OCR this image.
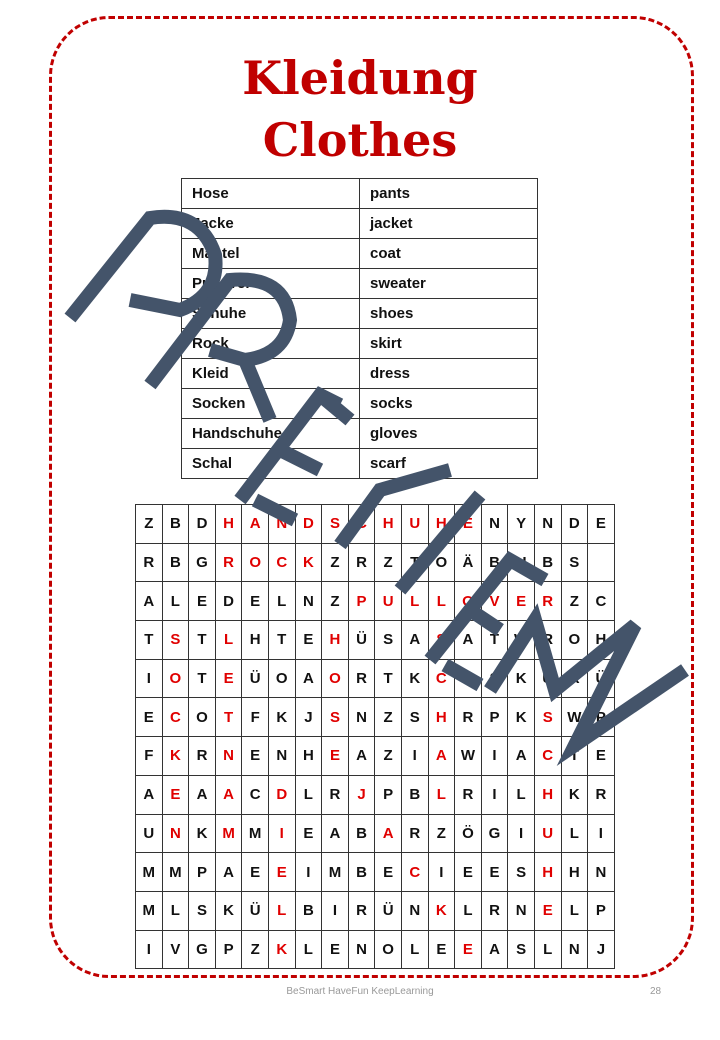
Kleidung
Clothes
Hose	pants
Jacke	jacket
Mantel	coat
Pullover	sweater
Schuhe	shoes
Rock	skirt
Kleid	dress
Socken	socks
Handschuhe	gloves
Schal	scarf
Z	B	D	H	A	N	D	S	C	H	U	H	E	N	Y	N	D	E
R	B	G	R	O	C	K	Z	R	Z	T	O	Ä	B	H	B	S	
A	L	E	D	E	L	N	Z	P	U	L	L	O	V	E	R	Z	C
T	S	T	L	H	T	E	H	Ü	S	A	S	A	T	W	R	O	H
I	O	T	E	Ü	O	A	O	R	T	K	C	U	S	K	U	R	Ü
E	C	O	T	F	K	J	S	N	Z	S	H	R	P	K	S	W	P
F	K	R	N	E	N	H	E	A	Z	I	A	W	I	A	C	T	E
A	E	A	A	C	D	L	R	J	P	B	L	R	I	L	H	K	R
U	N	K	M	M	I	E	A	B	A	R	Z	Ö	G	I	U	L	I
M	M	P	A	E	E	I	M	B	E	C	I	E	E	S	H	H	N
M	L	S	K	Ü	L	B	I	R	Ü	N	K	L	R	N	E	L	P
I	V	G	P	Z	K	L	E	N	O	L	E	E	A	S	L	N	J
BeSmart HaveFun KeepLearning	28
